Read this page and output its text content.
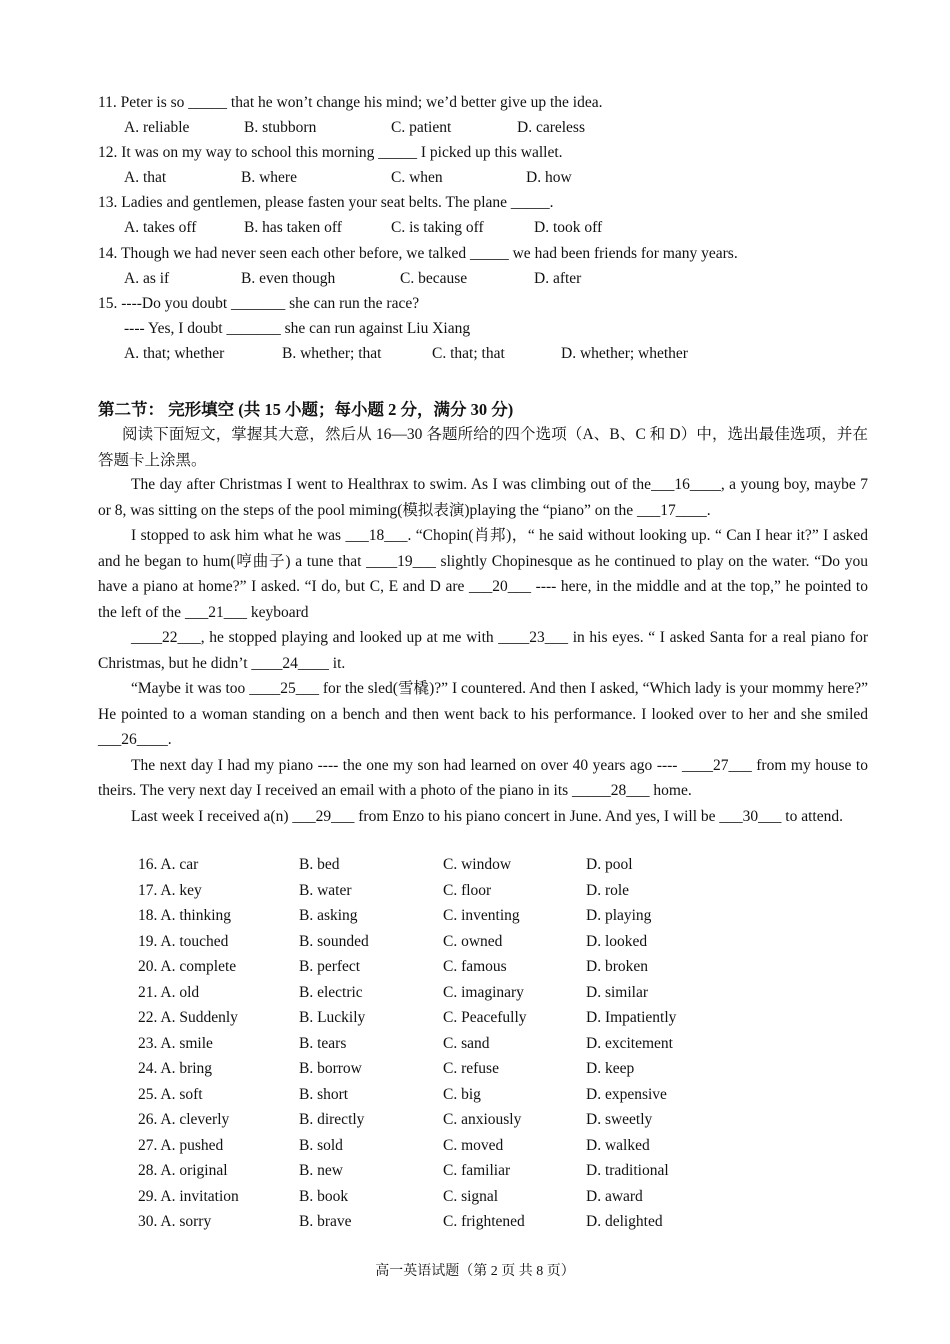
11. Peter is so _____ that he won’t change his mind; we’d better give up the idea.
A. reliable	B. stubborn	C. patient	D. careless
12. It was on my way to school this morning _____ I picked up this wallet.
A. that	B. where	C. when	D. how
13. Ladies and gentlemen, please fasten your seat belts. The plane _____.
A. takes off	B. has taken off	C. is taking off	D. took off
14. Though we had never seen each other before, we talked _____ we had been friends for many years.
A. as if	B. even though	C. because	D. after
15. ----Do you doubt _______ she can run the race?
---- Yes, I doubt _______ she can run against Liu Xiang
A. that; whether	B. whether; that	C. that; that	D. whether; whether
第二节： 完形填空 (共 15 小题；每小题 2 分，满分 30 分)
阅读下面短文，掌握其大意，然后从 16—30 各题所给的四个选项（A、B、C 和 D）中，选出最佳选项，并在答题卡上涂黑。

The day after Christmas I went to Healthrax to swim. As I was climbing out of the___16____, a young boy, maybe 7 or 8, was sitting on the steps of the pool miming(模拟表演)playing the “piano” on the ___17____.

I stopped to ask him what he was ___18___. “Chopin(肖邦)，“ he said without looking up. “ Can I hear it?” I asked and he began to hum(哼曲子) a tune that ____19___ slightly Chopinesque as he continued to play on the water. “Do you have a piano at home?” I asked. “I do, but C, E and D are ___20___ ---- here, in the middle and at the top,” he pointed to the left of the ___21___ keyboard

____22___, he stopped playing and looked up at me with ____23___ in his eyes. “ I asked Santa for a real piano for Christmas, but he didn’t ____24____ it.

“Maybe it was too ____25___ for the sled(雪橇)?” I countered. And then I asked, “Which lady is your mommy here?” He pointed to a woman standing on a bench and then went back to his performance. I looked over to her and she smiled ___26____.

The next day I had my piano ---- the one my son had learned on over 40 years ago ---- ____27___ from my house to theirs. The very next day I received an email with a photo of the piano in its _____28___ home.

Last week I received a(n) ___29___ from Enzo to his piano concert in June. And yes, I will be ___30___ to attend.

16. A. car	B. bed	C. window	D. pool
17. A. key	B. water	C. floor	D. role
18. A. thinking	B. asking	C. inventing	D. playing
19. A. touched	B. sounded	C. owned	D. looked
20. A. complete	B. perfect	C. famous	D. broken
21. A. old	B. electric	C. imaginary	D. similar
22. A. Suddenly	B. Luckily	C. Peacefully	D. Impatiently
23. A. smile	B. tears	C. sand	D. excitement
24. A. bring	B. borrow	C. refuse	D. keep
25. A. soft	B. short	C. big	D. expensive
26. A. cleverly	B. directly	C. anxiously	D. sweetly
27. A. pushed	B. sold	C. moved	D. walked
28. A. original	B. new	C. familiar	D. traditional
29. A. invitation	B. book	C. signal	D. award
30. A. sorry	B. brave	C. frightened	D. delighted
高一英语试题（第 2 页 共 8 页）
